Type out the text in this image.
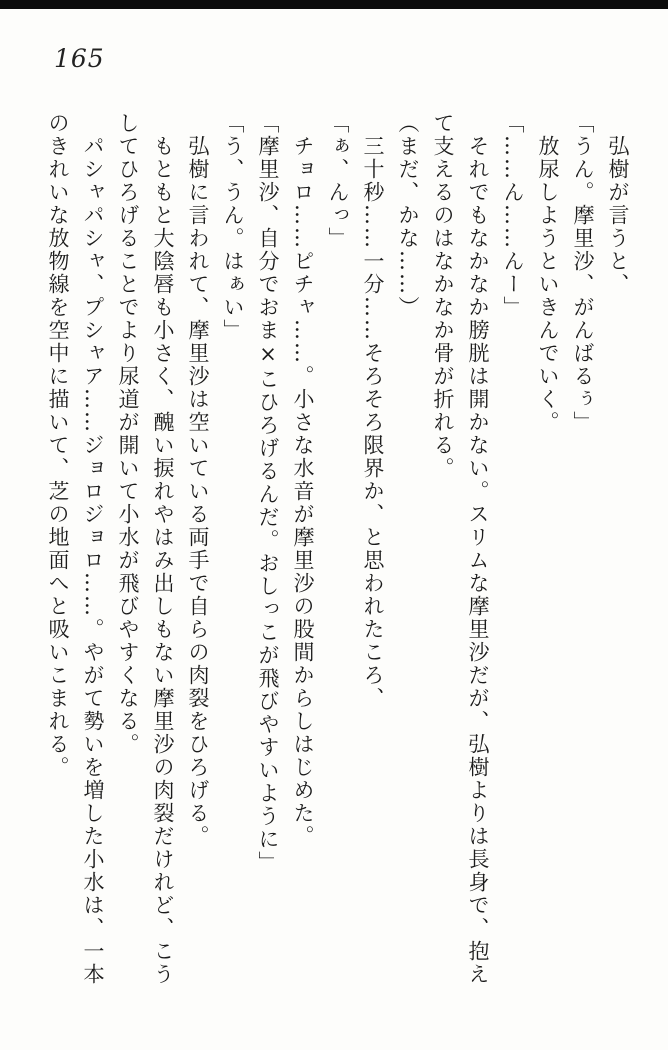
165

弘樹が言うと、

「うん。摩里沙、がんばるぅ」

放尿しようといきんでいく。

「……ん……んー」

それでもなかなか膀胱は開かない。スリムな摩里沙だが、弘樹よりは長身で、抱え

て支えるのはなかなか骨が折れる。

（まだ、かな……）

三十秒……一分……そろそろ限界か、と思われたころ、

「ぁ、んっ」

チョロ……ピチャ……。小さな水音が摩里沙の股間からしはじめた。

「摩里沙、自分でおま×こひろげるんだ。おしっこが飛びやすいように」

「う、うん。はぁい」

弘樹に言われて、摩里沙は空いている両手で自らの肉裂をひろげる。

もともと大陰唇も小さく、醜い捩れやはみ出しもない摩里沙の肉裂だけれど、こう

してひろげることでより尿道が開いて小水が飛びやすくなる。

パシャパシャ、プシャア……ジョロジョロ……。やがて勢いを増した小水は、一本

のきれいな放物線を空中に描いて、芝の地面へと吸いこまれる。
